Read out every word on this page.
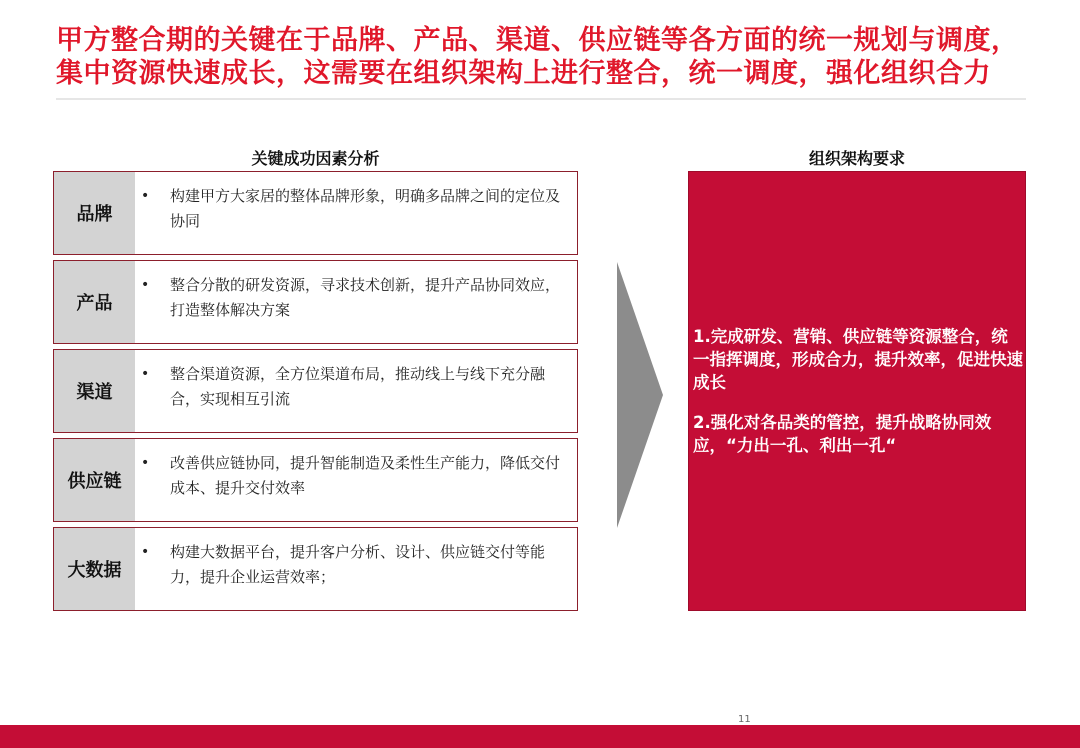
甲方整合期的关键在于品牌、产品、渠道、供应链等各方面的统一规划与调度，
集中资源快速成长，这需要在组织架构上进行整合，统一调度，强化组织合力
关键成功因素分析
品牌
• 构建甲方大家居的整体品牌形象，明确多品牌之间的定位及协同
产品
• 整合分散的研发资源，寻求技术创新，提升产品协同效应，打造整体解决方案
渠道
• 整合渠道资源，全方位渠道布局，推动线上与线下充分融合，实现相互引流
供应链
• 改善供应链协同，提升智能制造及柔性生产能力，降低交付成本、提升交付效率
大数据
• 构建大数据平台，提升客户分析、设计、供应链交付等能力，提升企业运营效率；
组织架构要求

1.完成研发、营销、供应链等资源整合，统一指挥调度，形成合力，提升效率，促进快速成长

2.强化对各品类的管控，提升战略协同效应，“力出一孔、利出一孔“

11
